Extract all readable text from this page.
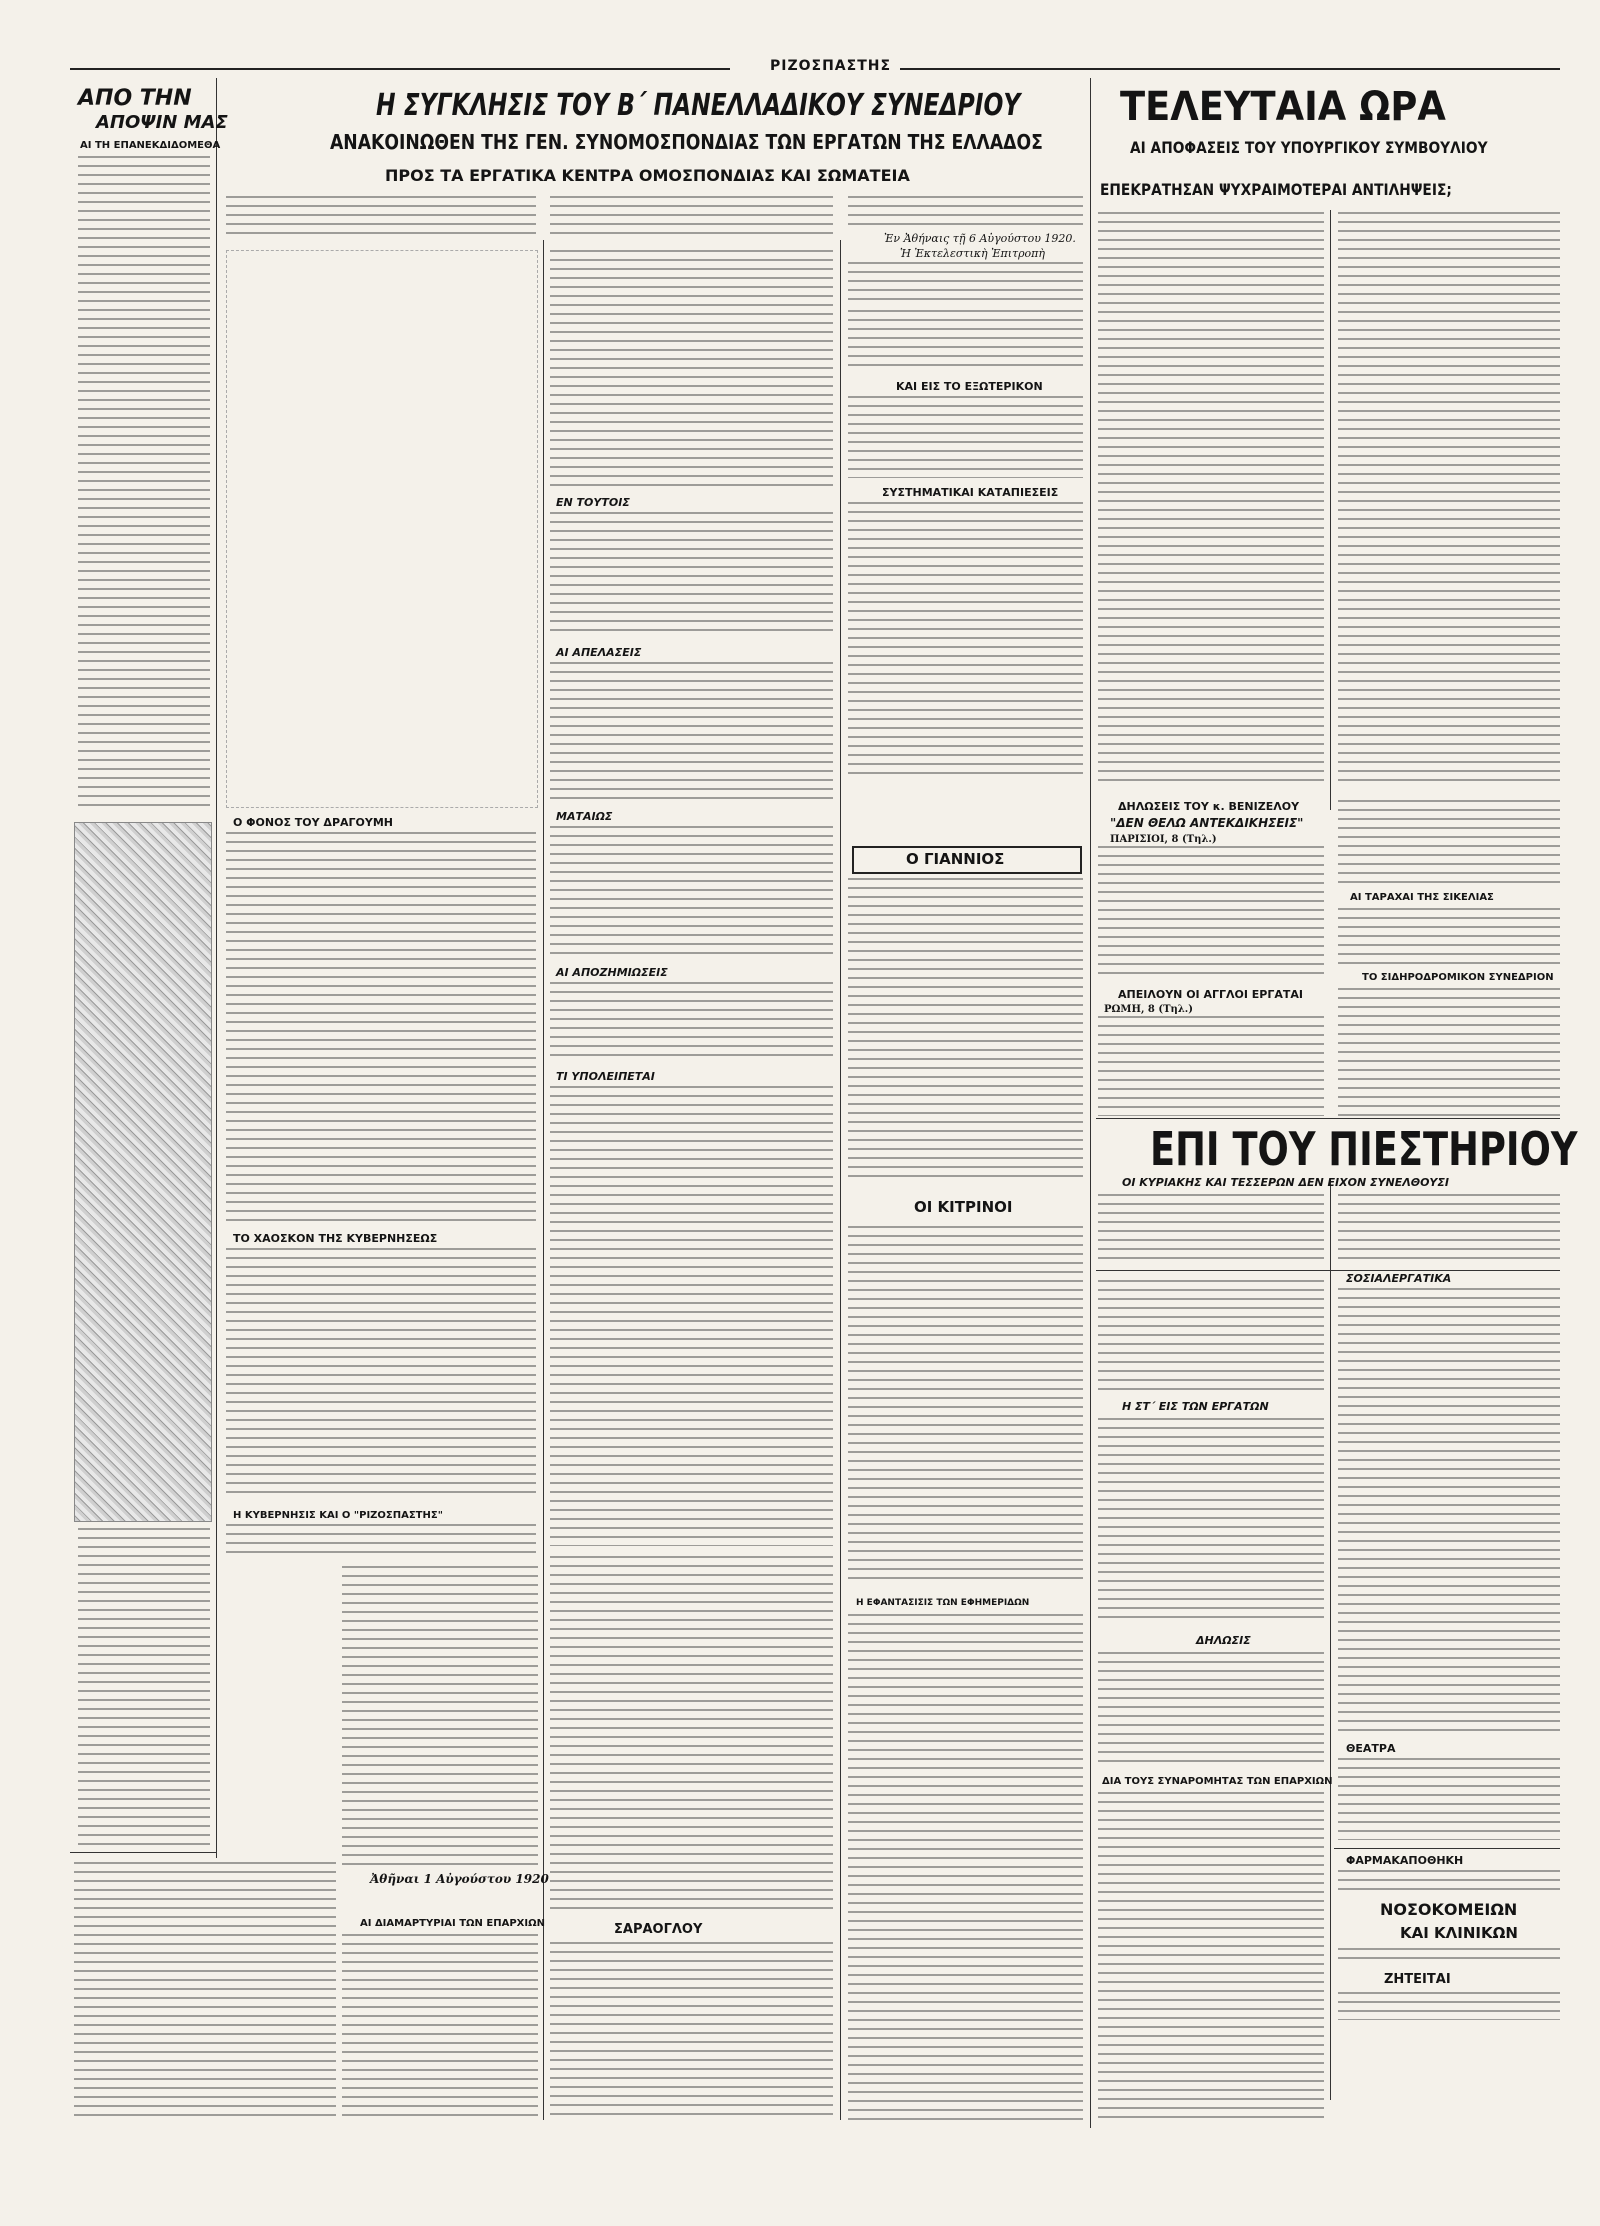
ΡΙΖΟΣΠΑΣΤΗΣ
ΑΠΟ ΤΗΝ
ΑΠΟΨΙΝ ΜΑΣ
ΑΙ ΤΗ ΕΠΑΝΕΚΔΙΔΟΜΕΘΑ
Η ΣΥΓΚΛΗΣΙΣ ΤΟΥ Β΄ ΠΑΝΕΛΛΑΔΙΚΟΥ ΣΥΝΕΔΡΙΟΥ
ΑΝΑΚΟΙΝΩΘΕΝ ΤΗΣ ΓΕΝ. ΣΥΝΟΜΟΣΠΟΝΔΙΑΣ ΤΩΝ ΕΡΓΑΤΩΝ ΤΗΣ ΕΛΛΑΔΟΣ
ΠΡΟΣ ΤΑ ΕΡΓΑΤΙΚΑ ΚΕΝΤΡΑ ΟΜΟΣΠΟΝΔΙΑΣ ΚΑΙ ΣΩΜΑΤΕΙΑ
Ἐν Ἀθήναις τῇ 6 Αὐγούστου 1920.
Ἡ Ἐκτελεστικὴ Ἐπιτροπὴ
Ο ΦΟΝΟΣ ΤΟΥ ΔΡΑΓΟΥΜΗ
ΤΟ ΧΑΟΣΚΟΝ ΤΗΣ ΚΥΒΕΡΝΗΣΕΩΣ
Η ΚΥΒΕΡΝΗΣΙΣ ΚΑΙ Ο "ΡΙΖΟΣΠΑΣΤΗΣ"
Ἀθῆναι 1 Αὐγούστου 1920
ΑΙ ΔΙΑΜΑΡΤΥΡΙΑΙ ΤΩΝ ΕΠΑΡΧΙΩΝ
ΕΝ ΤΟΥΤΟΙΣ
ΑΙ ΑΠΕΛΑΣΕΙΣ
ΜΑΤΑΙΩΣ
ΑΙ ΑΠΟΖΗΜΙΩΣΕΙΣ
ΤΙ ΥΠΟΛΕΙΠΕΤΑΙ
ΣΑΡΑΟΓΛΟΥ
ΚΑΙ ΕΙΣ ΤΟ ΕΞΩΤΕΡΙΚΟΝ
ΣΥΣΤΗΜΑΤΙΚΑΙ ΚΑΤΑΠΙΕΣΕΙΣ
Ο ΓΙΑΝΝΙΟΣ
ΟΙ ΚΙΤΡΙΝΟΙ
Η ΕΦΑΝΤΑΣΙΣΙΣ ΤΩΝ ΕΦΗΜΕΡΙΔΩΝ
ΤΕΛΕΥΤΑΙΑ ΩΡΑ
ΑΙ ΑΠΟΦΑΣΕΙΣ ΤΟΥ ΥΠΟΥΡΓΙΚΟΥ ΣΥΜΒΟΥΛΙΟΥ
ΕΠΕΚΡΑΤΗΣΑΝ ΨΥΧΡΑΙΜΟΤΕΡΑΙ ΑΝΤΙΛΗΨΕΙΣ;
ΔΗΛΩΣΕΙΣ ΤΟΥ κ. ΒΕΝΙΖΕΛΟΥ
"ΔΕΝ ΘΕΛΩ ΑΝΤΕΚΔΙΚΗΣΕΙΣ"
ΠΑΡΙΣΙΟΙ, 8 (Τηλ.)
ΑΠΕΙΛΟΥΝ ΟΙ ΑΓΓΛΟΙ ΕΡΓΑΤΑΙ
ΡΩΜΗ, 8 (Τηλ.)
ΑΙ ΤΑΡΑΧΑΙ ΤΗΣ ΣΙΚΕΛΙΑΣ
ΤΟ ΣΙΔΗΡΟΔΡΟΜΙΚΟΝ ΣΥΝΕΔΡΙΟΝ
ΕΠΙ ΤΟΥ ΠΙΕΣΤΗΡΙΟΥ
ΟΙ ΚΥΡΙΑΚΗΣ ΚΑΙ ΤΕΣΣΕΡΩΝ ΔΕΝ ΕΙΧΟΝ ΣΥΝΕΛΘΟΥΣΙ
Η ΣΤ΄ ΕΙΣ ΤΩΝ ΕΡΓΑΤΩΝ
ΔΗΛΩΣΙΣ
ΔΙΑ ΤΟΥΣ ΣΥΝΑΡΟΜΗΤΑΣ ΤΩΝ ΕΠΑΡΧΙΩΝ
ΣΟΣΙΑΛΕΡΓΑΤΙΚΑ
ΘΕΑΤΡΑ
ΦΑΡΜΑΚΑΠΟΘΗΚΗ
ΝΟΣΟΚΟΜΕΙΩΝ
ΚΑΙ ΚΛΙΝΙΚΩΝ
ΖΗΤΕΙΤΑΙ
